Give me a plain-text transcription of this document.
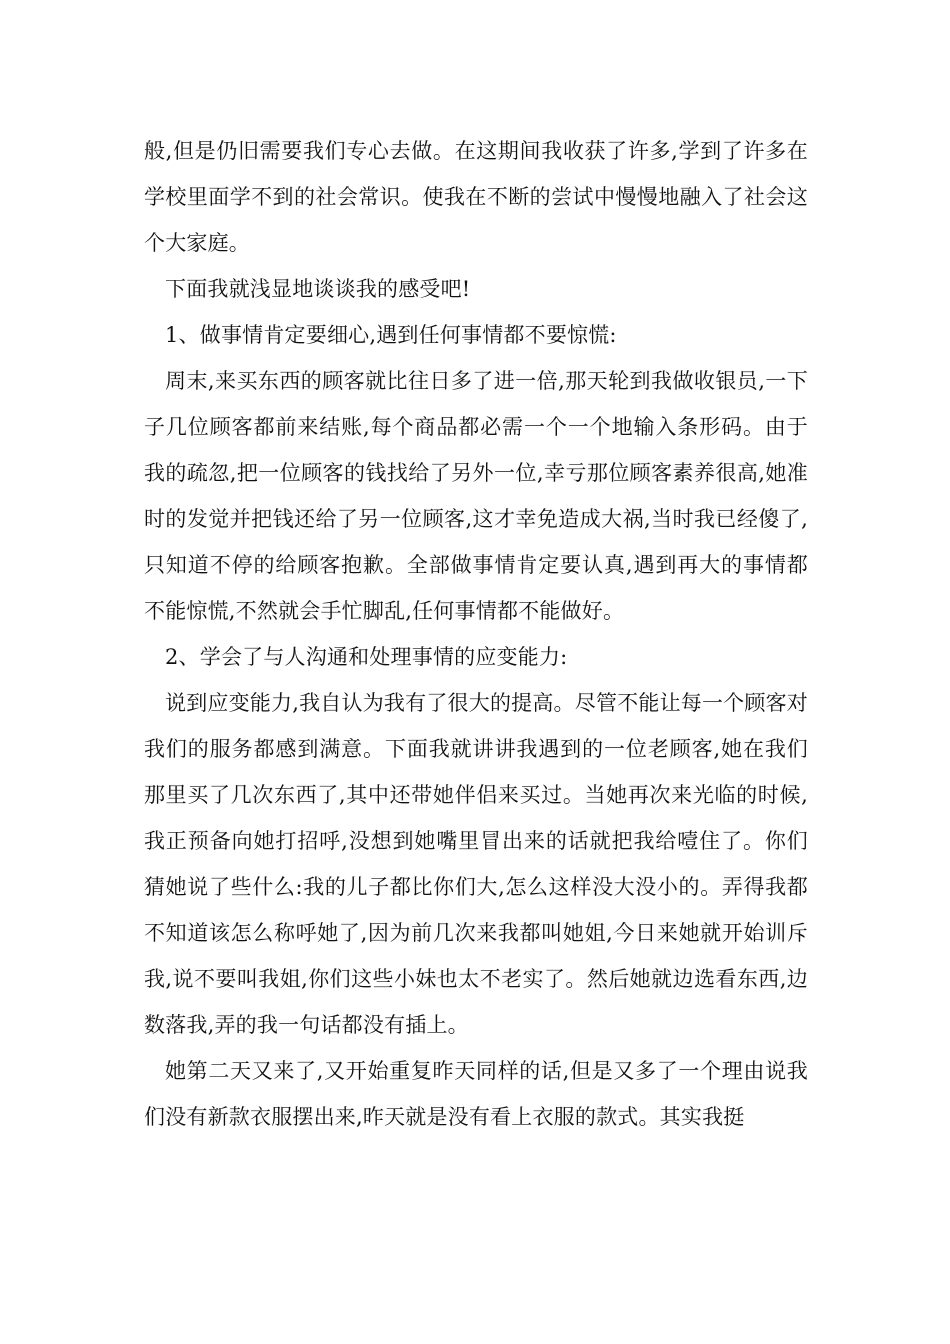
般,但是仍旧需要我们专心去做。在这期间我收获了许多,学到了许多在学校里面学不到的社会常识。使我在不断的尝试中慢慢地融入了社会这个大家庭。

下面我就浅显地谈谈我的感受吧!

1、做事情肯定要细心,遇到任何事情都不要惊慌:

周末,来买东西的顾客就比往日多了进一倍,那天轮到我做收银员,一下子几位顾客都前来结账,每个商品都必需一个一个地输入条形码。由于我的疏忽,把一位顾客的钱找给了另外一位,幸亏那位顾客素养很高,她准时的发觉并把钱还给了另一位顾客,这才幸免造成大祸,当时我已经傻了,只知道不停的给顾客抱歉。全部做事情肯定要认真,遇到再大的事情都不能惊慌,不然就会手忙脚乱,任何事情都不能做好。

2、学会了与人沟通和处理事情的应变能力:

说到应变能力,我自认为我有了很大的提高。尽管不能让每一个顾客对我们的服务都感到满意。下面我就讲讲我遇到的一位老顾客,她在我们那里买了几次东西了,其中还带她伴侣来买过。当她再次来光临的时候,我正预备向她打招呼,没想到她嘴里冒出来的话就把我给噎住了。你们猜她说了些什么:我的儿子都比你们大,怎么这样没大没小的。弄得我都不知道该怎么称呼她了,因为前几次来我都叫她姐,今日来她就开始训斥我,说不要叫我姐,你们这些小妹也太不老实了。然后她就边选看东西,边数落我,弄的我一句话都没有插上。

她第二天又来了,又开始重复昨天同样的话,但是又多了一个理由说我们没有新款衣服摆出来,昨天就是没有看上衣服的款式。其实我挺
